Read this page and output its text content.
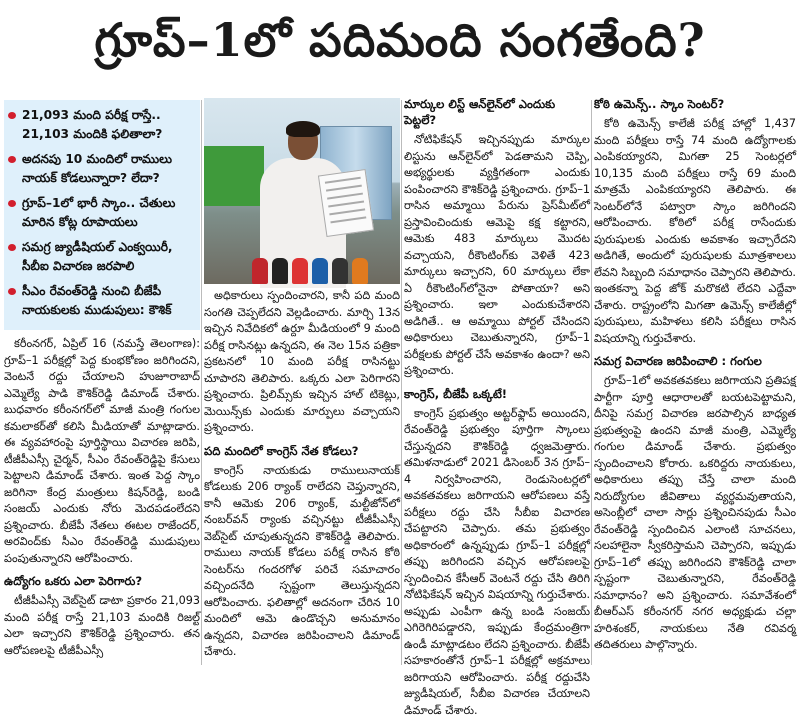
గ్రూప్–1లో పదిమంది సంగతేంది?
21,093 మంది పరీక్ష రాస్తే.. 21,103 మందికి ఫలితాలా?
అదనపు 10 మందిలో రాములు నాయక్ కోడలున్నారా? లేదా?
గ్రూప్–1లో భారీ స్కాం.. చేతులు మారిన కోట్ల రూపాయలు
సమగ్ర జ్యుడీషియల్ ఎంక్వయిరీ, సీబీఐ విచారణ జరపాలి
సీఎం రేవంత్‌రెడ్డి నుంచి బీజేపీ నాయకులకు ముడుపులు: కౌశిక్

కరీంనగర్, ఏప్రిల్ 16 (నమస్తే తెలంగాణ): గ్రూప్–1 పరీక్షల్లో పెద్ద కుంభకోణం జరిగిందని, వెంటనే రద్దు చేయాలని హుజూరాబాద్ ఎమ్మెల్యే పాడి కౌశిక్‌రెడ్డి డిమాండ్ చేశారు. బుధవారం కరీంనగర్‌లో మాజీ మంత్రి గంగుల కమలాకర్‌తో కలిసి మీడియాతో మాట్లాడారు. ఈ వ్యవహారంపై పూర్తిస్థాయి విచారణ జరిపి, టీజీపీఎస్సీ చైర్మన్, సీఎం రేవంత్‌రెడ్డిపై కేసులు పెట్టాలని డిమాండ్ చేశారు. ఇంత పెద్ద స్కాం జరిగినా కేంద్ర మంత్రులు కిషన్‌రెడ్డి, బండి సంజయ్ ఎందుకు నోరు మెదపడంలేదని ప్రశ్నించారు. బీజేపీ నేతలు ఈటల రాజేందర్, అరవింద్‌కు సీఎం రేవంత్‌రెడ్డి ముడుపులు పంపుతున్నారని ఆరోపించారు.

ఉద్యోగం ఒకరు ఎలా పెరిగారు?

టీజీపీఎస్సీ వెబ్‌సైట్ డాటా ప్రకారం 21,093 మంది పరీక్ష రాస్తే 21,103 మందికి రిజల్ట్ ఎలా ఇచ్చారని కౌశిక్‌రెడ్డి ప్రశ్నించారు. తన ఆరోపణలపై టీజీపీఎస్సీ

అధికారులు స్పందించారని, కానీ పది మంది సంగతి చెప్పలేదని వెల్లడించారు. మార్చి 13న ఇచ్చిన నివేదికలో ఉర్దూ మీడియంలో 9 మంది పరీక్ష రాసినట్లు ఉన్నదని, ఈ నెల 15న పత్రికా ప్రకటనలో 10 మంది పరీక్ష రాసినట్టు చూపారని తెలిపారు. ఒక్కరు ఎలా పెరిగారని ప్రశ్నించారు. ప్రిలిమ్స్‌కు ఇచ్చిన హాల్ టికెట్లు, మెయిన్స్‌కు ఎందుకు మార్పులు వచ్చాయని ప్రశ్నించారు.

పది మందిలో కాంగ్రెస్ నేత కోడలు?

కాంగ్రెస్ నాయకుడు రాములునాయక్ కోడలుకు 206 ర్యాంక్ రాలేదని చెప్తున్నారని, కానీ ఆమెకు 206 ర్యాంక్, మల్టీజోన్‌లో నంబర్‌వన్ ర్యాంకు వచ్చినట్టు టీజీపీఎస్సీ వెబ్‌సైట్ చూపుతున్నదని కౌశిక్‌రెడ్డి తెలిపారు. రాములు నాయక్ కోడలు పరీక్ష రాసిన కోఠి సెంటర్‌ను గందరగోళ పరిచే సమాచారం వచ్చిందనేది స్పష్టంగా తెలుస్తున్నదని ఆరోపించారు. ఫలితాల్లో అదనంగా చేరిన 10 మందిలో ఆమె ఉండొచ్చని అనుమానం ఉన్నదని, విచారణ జరిపించాలని డిమాండ్ చేశారు.

మార్కుల లిస్ట్ ఆన్‌లైన్‌లో ఎందుకు పెట్టలే?

నోటిఫికేషన్ ఇచ్చినప్పుడు మార్కుల లిస్టును ఆన్‌లైన్‌లో పెడతామని చెప్పి, అభ్యర్థులకు వ్యక్తిగతంగా ఎందుకు పంపించారని కౌశిక్‌రెడ్డి ప్రశ్నించారు. గ్రూప్–1 రాసిన అమ్మాయి పేరును ప్రెస్‌మీట్‌లో ప్రస్తావించిందుకు ఆమెపై కక్ష కట్టారని, ఆమెకు 483 మార్కులు మొదట వచ్చాయని, రీకౌంటింగ్‌కు వెళితే 423 మార్కులు ఇచ్చారని, 60 మార్కులు లేకా ఏ రీకౌంటింగ్‌లోనైనా పోతాయా? అని ప్రశ్నించారు. ఇలా ఎందుకుచేశారని అడిగితే.. ఆ అమ్మాయి పోర్టల్ చేసిందని అధికారులు చెబుతున్నారని, గ్రూప్–1 పరీక్షలకు పోర్టల్ చేసే అవకాశం ఉందా? అని ప్రశ్నించారు.

కాంగ్రెస్, బీజేపీ ఒక్కటే!

కాంగ్రెస్ ప్రభుత్వం అట్టర్‌ఫ్లాప్ అయిందని, రేవంత్‌రెడ్డి ప్రభుత్వం పూర్తిగా స్కాంలు చేస్తున్నదని కౌశిక్‌రెడ్డి ధ్వజమెత్తారు. తమిళనాడులో 2021 డిసెంబర్ 3న గ్రూప్–4 నిర్వహించారని, రెండుసెంటర్లలో అవకతవకలు జరిగాయని ఆరోపణలు వస్తే పరీక్షలు రద్దు చేసి సీబీఐ విచారణ చేపట్టారని చెప్పారు. తమ ప్రభుత్వం అధికారంలో ఉన్నప్పుడు గ్రూప్–1 పరీక్షల్లో తప్పు జరిగిందని వచ్చిన ఆరోపణలపై స్పందించిన కేసీఆర్ వెంటనే రద్దు చేసి తిరిగి నోటిఫికేషన్ ఇచ్చిన విషయాన్ని గుర్తుచేశారు. అప్పుడు ఎంపీగా ఉన్న బండి సంజయ్ ఎగిరెగిరిపడ్డారని, ఇప్పుడు కేంద్రమంత్రిగా ఉండీ మాట్లాడటం లేదని ప్రశ్నించారు. బీజేపీ సహకారంతోనే గ్రూప్–1 పరీక్షల్లో అక్రమాలు జరిగాయని ఆరోపించారు. పరీక్ష రద్దుచేసి జ్యుడీషియల్, సీబీఐ విచారణ చేయాలని డిమాండ్ చేశారు.

కోఠి ఉమెన్స్.. స్కాం సెంటర్?

కోఠి ఉమెన్స్ కాలేజీ పరీక్ష హాల్లో 1,437 మంది పరీక్షలు రాస్తే 74 మంది ఉద్యోగాలకు ఎంపికయ్యారని, మిగతా 25 సెంటర్లలో 10,135 మంది పరీక్షలు రాస్తే 69 మంది మాత్రమే ఎంపికయ్యారని తెలిపారు. ఈ సెంటర్‌లోనే పట్వారా స్కాం జరిగిందని ఆరోపించారు. కోఠిలో పరీక్ష రాసేందుకు పురుషులకు ఎందుకు అవకాశం ఇచ్చారేదని అడిగితే, అందులో పురుషులకు మూత్రశాలలు లేవని సిబ్బంది సమాధానం చెప్పారని తెలిపారు. ఇంతకన్నా పెద్ద జోక్ మరొకటి లేదని ఎద్దేవా చేశారు. రాష్ట్రంలోని మిగతా ఉమెన్స్ కాలేజీల్లో పురుషులు, మహిళలు కలిసి పరీక్షలు రాసిన విషయాన్ని గుర్తుచేశారు.

సమగ్ర విచారణ జరిపించాలి : గంగుల

గ్రూప్–1లో అవకతవకలు జరిగాయని ప్రతిపక్ష పార్టీగా పూర్తి ఆధారాలతో బయటపెట్టామని, దీనిపై సమగ్ర విచారణ జరపాల్సిన బాధ్యత ప్రభుత్వంపై ఉందని మాజీ మంత్రి, ఎమ్మెల్యే గంగుల డిమాండ్ చేశారు. ప్రభుత్వం స్పందించాలని కోరారు. ఒకరిద్దరు నాయకులు, అధికారులు తప్పు చేస్తే చాలా మంది నిరుద్యోగుల జీవితాలు వ్యర్థమవుతాయని, అసెంబ్లీలో చాలా సార్లు ప్రశ్నించినపుడు సీఎం రేవంత్‌రెడ్డి స్పందించిన ఎలాంటి సూచనలు, సలహాలైనా స్వీకరిస్తామని చెప్పారని, ఇప్పుడు గ్రూప్–1లో తప్పు జరిగిందని కౌశిక్‌రెడ్డి చాలా స్పష్టంగా చెబుతున్నారని, రేవంత్‌రెడ్డి సమాధానం? అని ప్రశ్నించారు. సమావేశంలో బీఆర్ఎస్ కరీంనగర్ నగర అధ్యక్షుడు చల్లా హరిశంకర్, నాయకులు నేతి రవివర్మ తదితరులు పాల్గొన్నారు.
